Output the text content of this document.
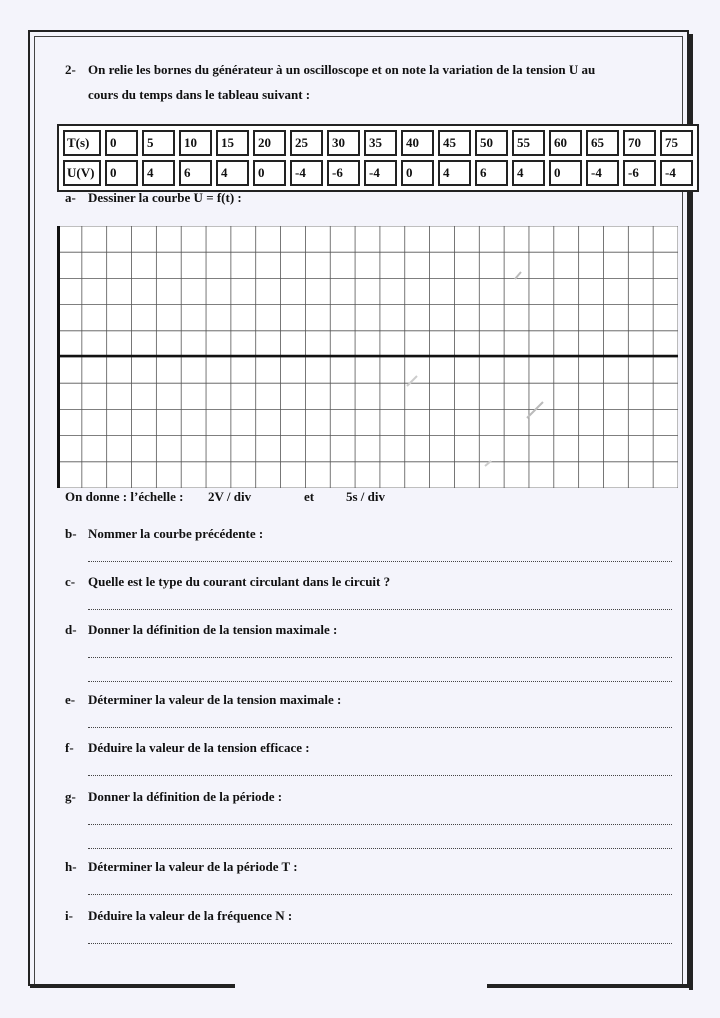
2- On relie les bornes du générateur à un oscilloscope et on note la variation de la tension U au
cours du temps dans le tableau suivant :
T(s)	0	5	10	15	20	25	30	35	40	45	50	55	60	65	70	75
U(V)	0	4	6	4	0	-4	-6	-4	0	4	6	4	0	-4	-6	-4
a- Dessiner la courbe U = f(t) :
On donne : l’échelle : 2V / div	et 5s / div
b- Nommer la courbe précédente :
c- Quelle est le type du courant circulant dans le circuit ?
d- Donner la définition de la tension maximale :
e- Déterminer la valeur de la tension maximale :
f- Déduire la valeur de la tension efficace :
g- Donner la définition de la période :
h- Déterminer la valeur de la période T :
i- Déduire la valeur de la fréquence N :
